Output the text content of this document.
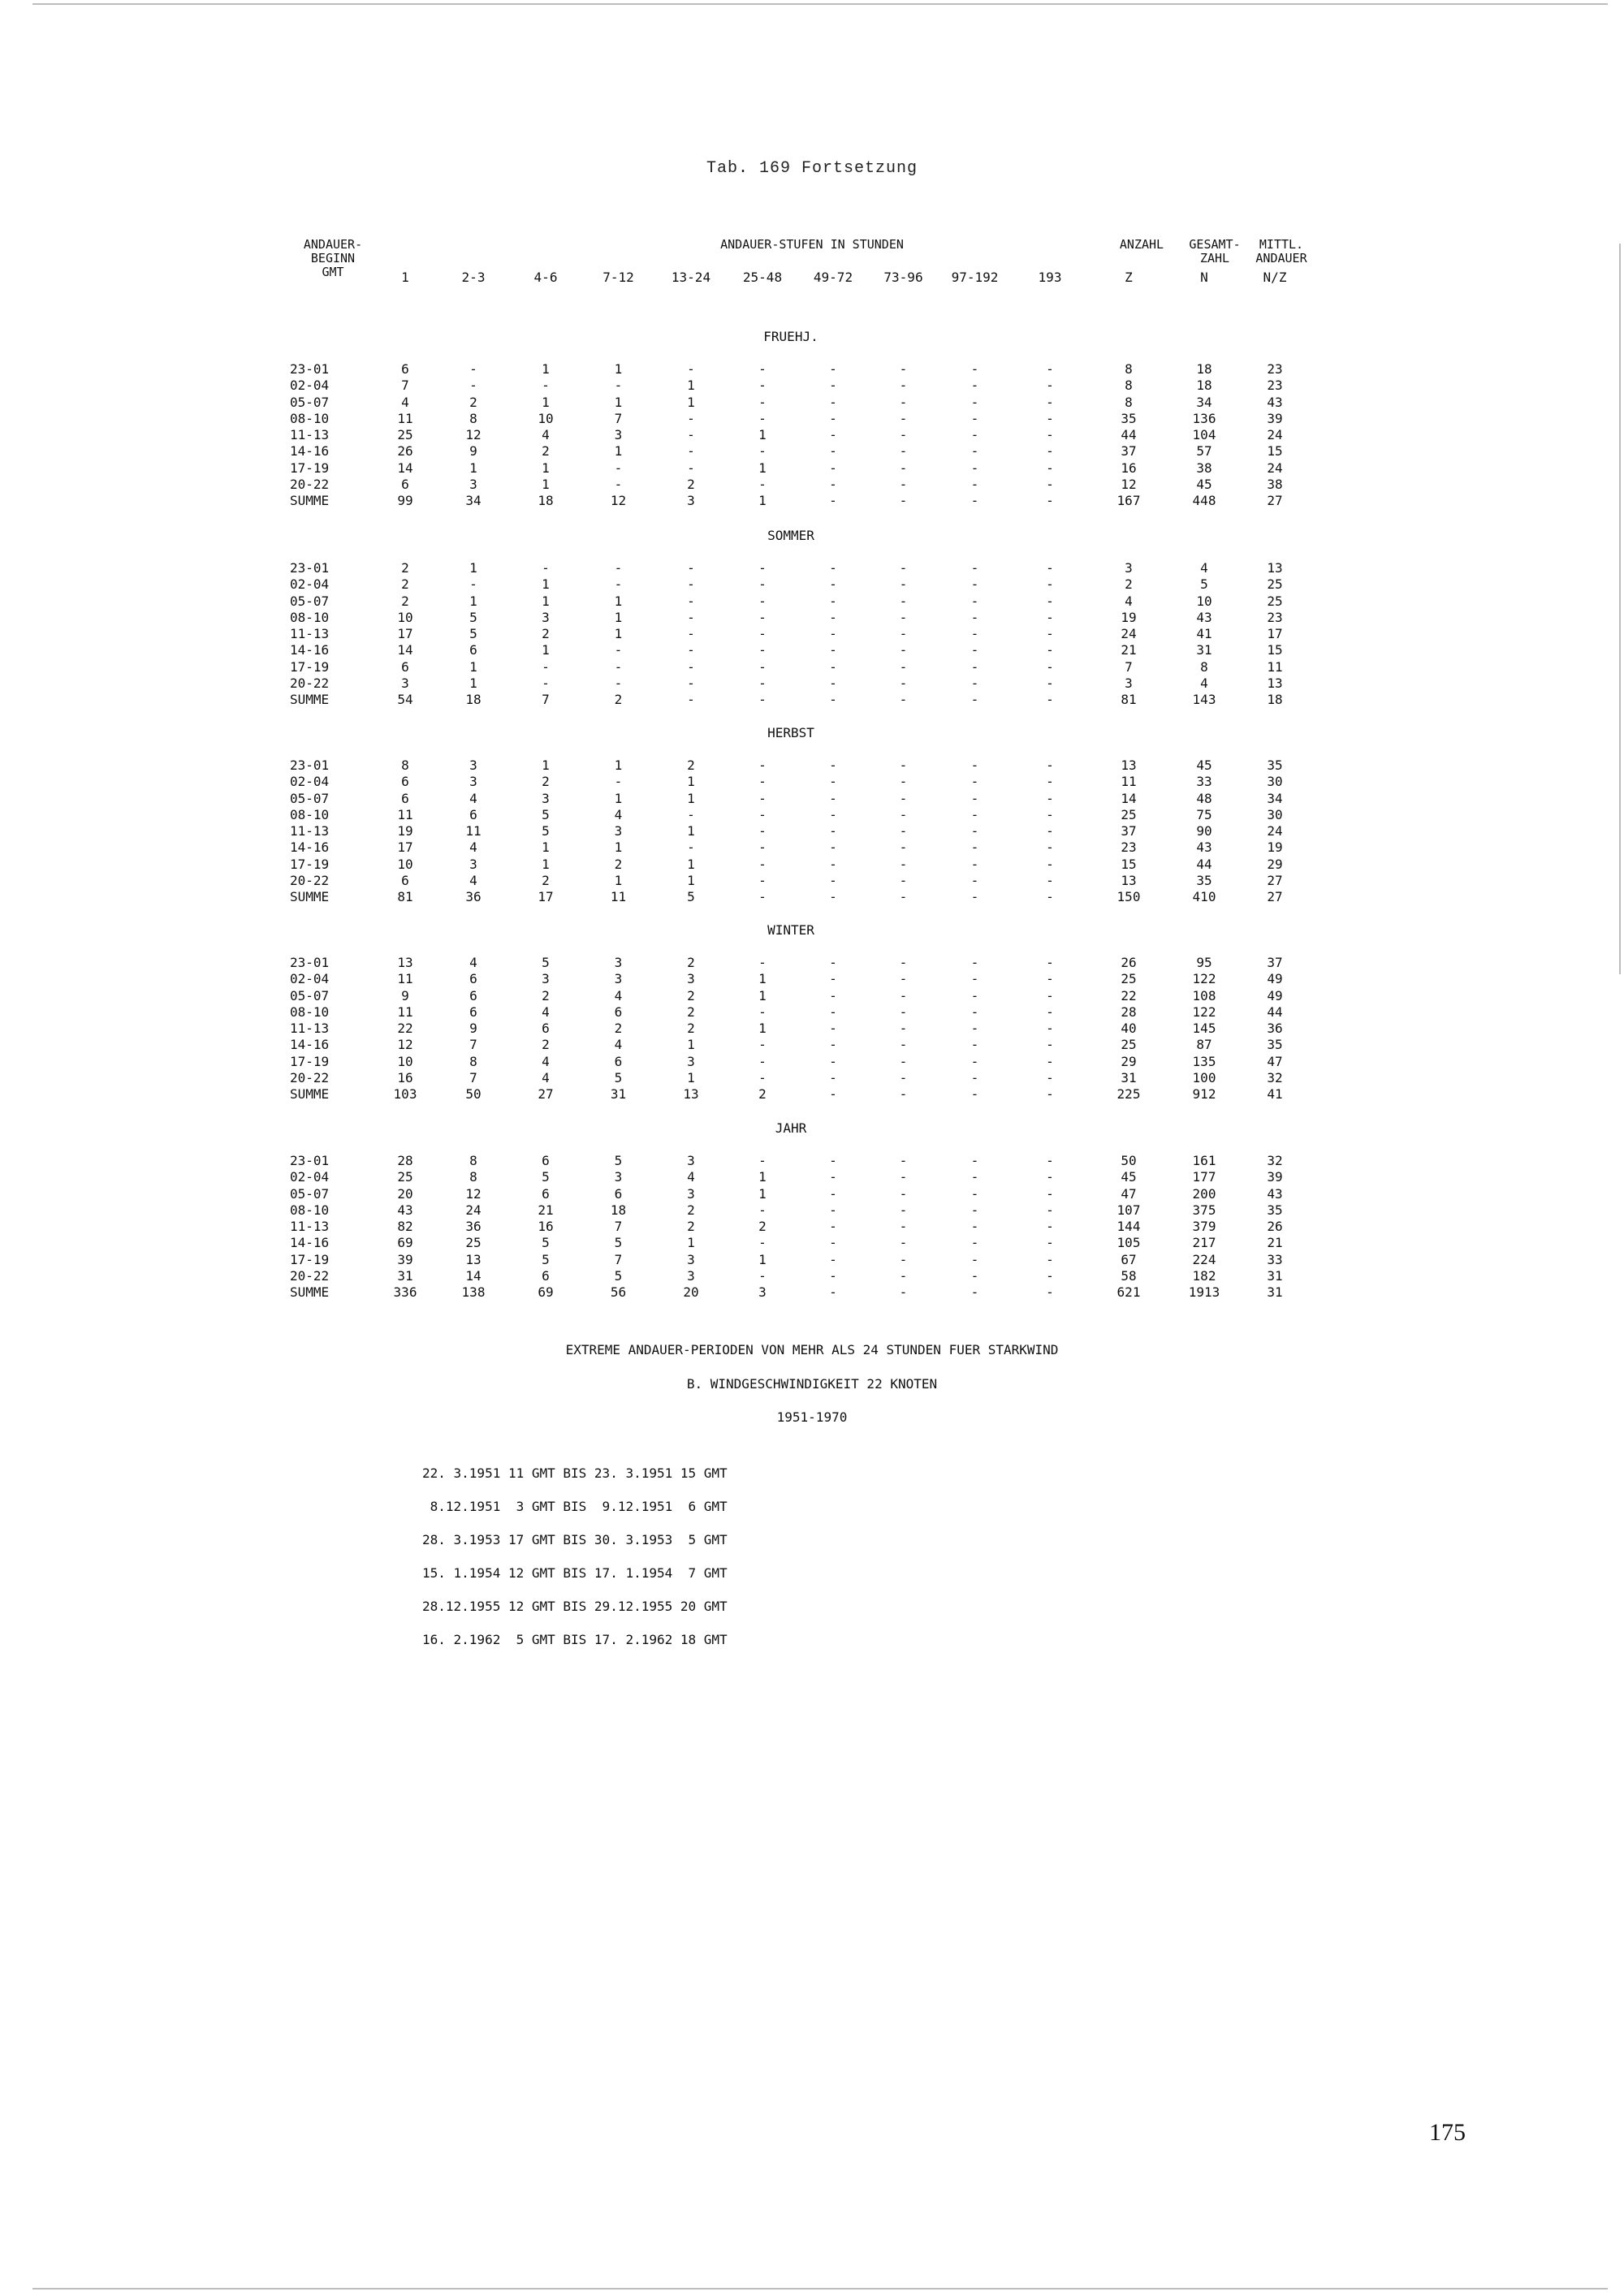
Tab. 169 Fortsetzung
ANDAUER-
BEGINN
GMT
ANDAUER-STUFEN IN STUNDEN	ANZAHL	GESAMT-
ZAHL
MITTL.
ANDAUER
	1	2-3	4-6	7-12	13-24	25-48	49-72	73-96	97-192	193	Z	N	N/Z
FRUEHJ.
23-01	6	-	1	1	-	-	-	-	-	-	8	18	23
02-04	7	-	-	-	1	-	-	-	-	-	8	18	23
05-07	4	2	1	1	1	-	-	-	-	-	8	34	43
08-10	11	8	10	7	-	-	-	-	-	-	35	136	39
11-13	25	12	4	3	-	1	-	-	-	-	44	104	24
14-16	26	9	2	1	-	-	-	-	-	-	37	57	15
17-19	14	1	1	-	-	1	-	-	-	-	16	38	24
20-22	6	3	1	-	2	-	-	-	-	-	12	45	38
SUMME	99	34	18	12	3	1	-	-	-	-	167	448	27
SOMMER
23-01	2	1	-	-	-	-	-	-	-	-	3	4	13
02-04	2	-	1	-	-	-	-	-	-	-	2	5	25
05-07	2	1	1	1	-	-	-	-	-	-	4	10	25
08-10	10	5	3	1	-	-	-	-	-	-	19	43	23
11-13	17	5	2	1	-	-	-	-	-	-	24	41	17
14-16	14	6	1	-	-	-	-	-	-	-	21	31	15
17-19	6	1	-	-	-	-	-	-	-	-	7	8	11
20-22	3	1	-	-	-	-	-	-	-	-	3	4	13
SUMME	54	18	7	2	-	-	-	-	-	-	81	143	18
HERBST
23-01	8	3	1	1	2	-	-	-	-	-	13	45	35
02-04	6	3	2	-	1	-	-	-	-	-	11	33	30
05-07	6	4	3	1	1	-	-	-	-	-	14	48	34
08-10	11	6	5	4	-	-	-	-	-	-	25	75	30
11-13	19	11	5	3	1	-	-	-	-	-	37	90	24
14-16	17	4	1	1	-	-	-	-	-	-	23	43	19
17-19	10	3	1	2	1	-	-	-	-	-	15	44	29
20-22	6	4	2	1	1	-	-	-	-	-	13	35	27
SUMME	81	36	17	11	5	-	-	-	-	-	150	410	27
WINTER
23-01	13	4	5	3	2	-	-	-	-	-	26	95	37
02-04	11	6	3	3	3	1	-	-	-	-	25	122	49
05-07	9	6	2	4	2	1	-	-	-	-	22	108	49
08-10	11	6	4	6	2	-	-	-	-	-	28	122	44
11-13	22	9	6	2	2	1	-	-	-	-	40	145	36
14-16	12	7	2	4	1	-	-	-	-	-	25	87	35
17-19	10	8	4	6	3	-	-	-	-	-	29	135	47
20-22	16	7	4	5	1	-	-	-	-	-	31	100	32
SUMME	103	50	27	31	13	2	-	-	-	-	225	912	41
JAHR
23-01	28	8	6	5	3	-	-	-	-	-	50	161	32
02-04	25	8	5	3	4	1	-	-	-	-	45	177	39
05-07	20	12	6	6	3	1	-	-	-	-	47	200	43
08-10	43	24	21	18	2	-	-	-	-	-	107	375	35
11-13	82	36	16	7	2	2	-	-	-	-	144	379	26
14-16	69	25	5	5	1	-	-	-	-	-	105	217	21
17-19	39	13	5	7	3	1	-	-	-	-	67	224	33
20-22	31	14	6	5	3	-	-	-	-	-	58	182	31
SUMME	336	138	69	56	20	3	-	-	-	-	621	1913	31
EXTREME ANDAUER-PERIODEN VON MEHR ALS 24 STUNDEN FUER STARKWIND
B. WINDGESCHWINDIGKEIT 22 KNOTEN
1951-1970
22. 3.1951 11 GMT BIS 23. 3.1951 15 GMT
8.12.1951  3 GMT BIS  9.12.1951  6 GMT
28. 3.1953 17 GMT BIS 30. 3.1953  5 GMT
15. 1.1954 12 GMT BIS 17. 1.1954  7 GMT
28.12.1955 12 GMT BIS 29.12.1955 20 GMT
16. 2.1962  5 GMT BIS 17. 2.1962 18 GMT
175
